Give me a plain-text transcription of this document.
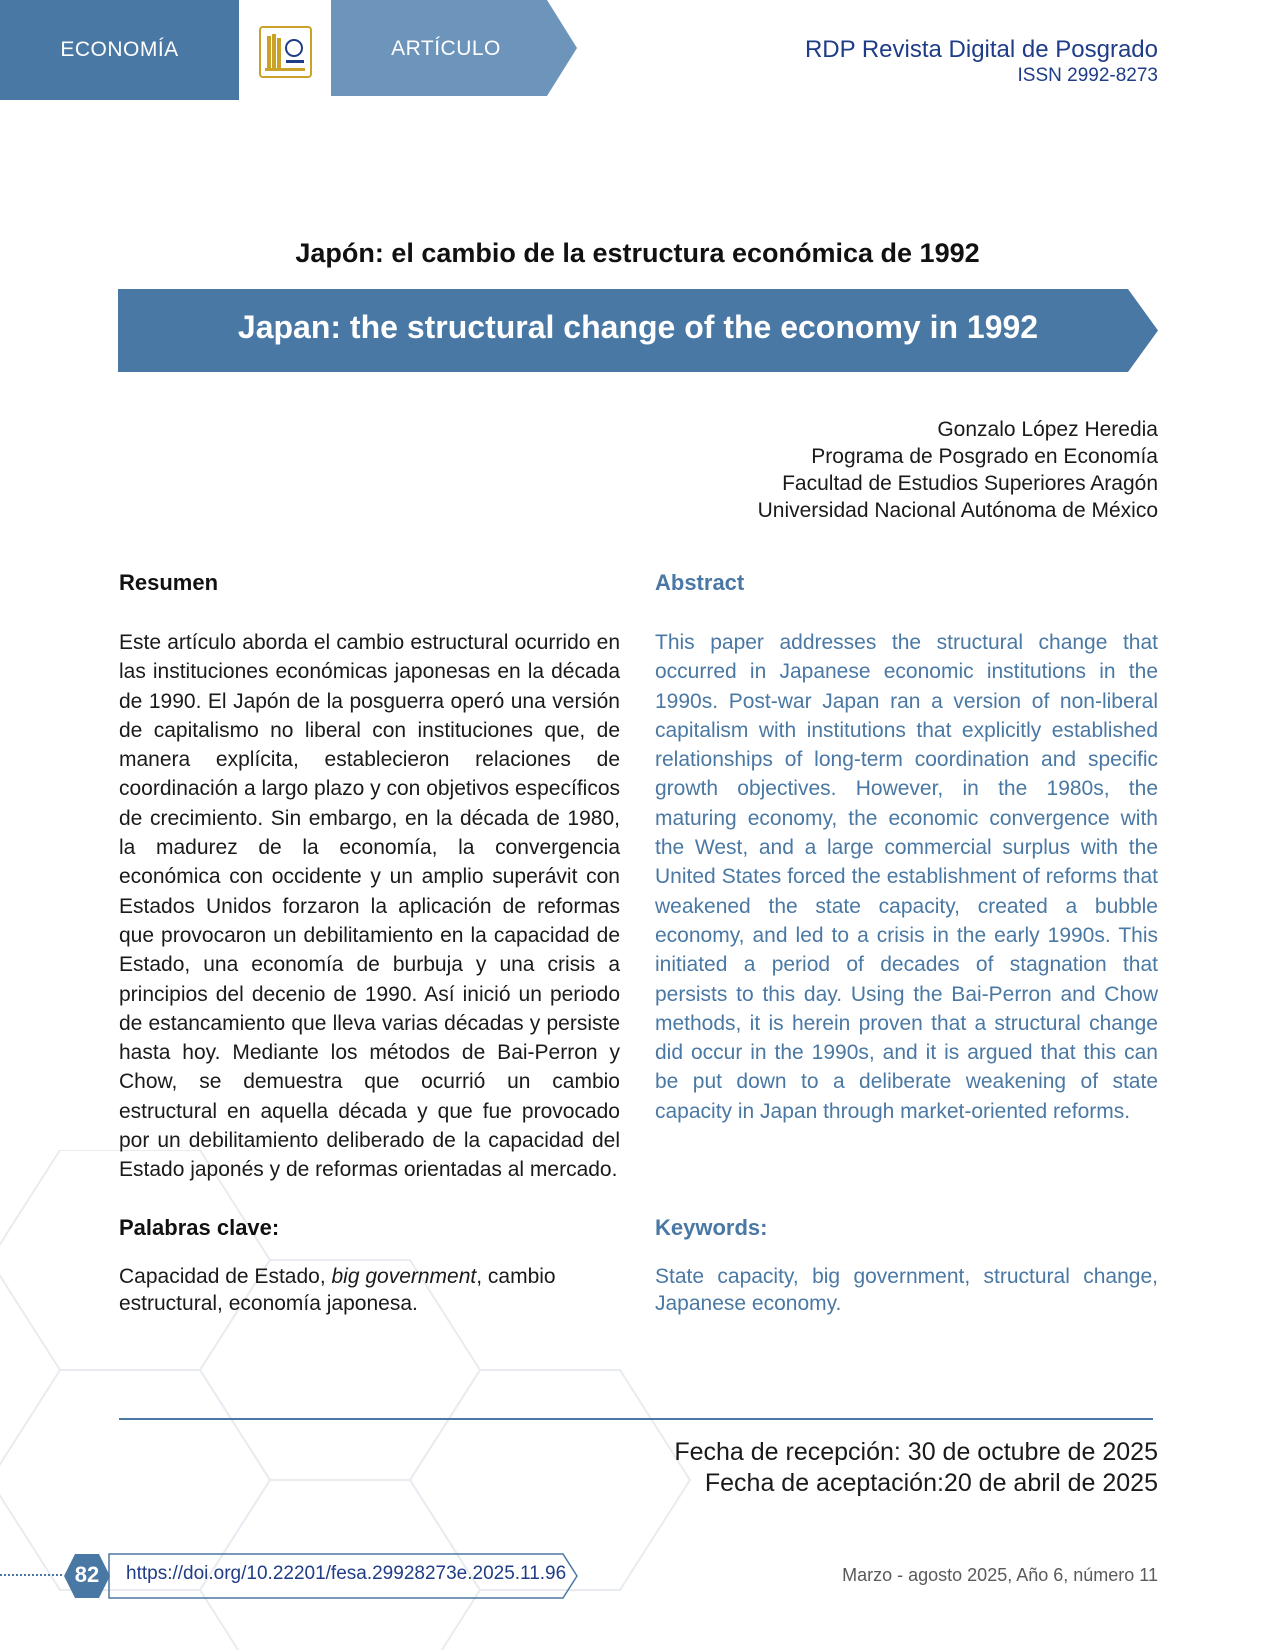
ECONOMÍA	ARTÍCULO	RDP Revista Digital de Posgrado
ISSN 2992-8273
Japón: el cambio de la estructura económica de 1992
Japan: the structural change of the economy in 1992
Gonzalo López Heredia
Programa de Posgrado en Economía
Facultad de Estudios Superiores Aragón
Universidad Nacional Autónoma de México
Resumen
Este artículo aborda el cambio estructural ocurrido en las instituciones económicas japonesas en la década de 1990. El Japón de la posguerra operó una versión de capitalismo no liberal con instituciones que, de manera explícita, establecieron relaciones de coordinación a largo plazo y con objetivos específicos de crecimiento. Sin embargo, en la década de 1980, la madurez de la economía, la convergencia económica con occidente y un amplio superávit con Estados Unidos forzaron la aplicación de reformas que provocaron un debilitamiento en la capacidad de Estado, una economía de burbuja y una crisis a principios del decenio de 1990. Así inició un periodo de estancamiento que lleva varias décadas y persiste hasta hoy. Mediante los métodos de Bai-Perron y Chow, se demuestra que ocurrió un cambio estructural en aquella década y que fue provocado por un debilitamiento deliberado de la capacidad del Estado japonés y de reformas orientadas al mercado.
Abstract
This paper addresses the structural change that occurred in Japanese economic institutions in the 1990s. Post-war Japan ran a version of non-liberal capitalism with institutions that explicitly established relationships of long-term coordination and specific growth objectives. However, in the 1980s, the maturing economy, the economic convergence with the West, and a large commercial surplus with the United States forced the establishment of reforms that weakened the state capacity, created a bubble economy, and led to a crisis in the early 1990s. This initiated a period of decades of stagnation that persists to this day. Using the Bai-Perron and Chow methods, it is herein proven that a structural change did occur in the 1990s, and it is argued that this can be put down to a deliberate weakening of state capacity in Japan through market-oriented reforms.
Palabras clave:
Capacidad de Estado, big government, cambio estructural, economía japonesa.
Keywords:
State capacity, big government, structural change, Japanese economy.
Fecha de recepción: 30 de octubre de 2025
Fecha de aceptación:20 de abril de 2025
82	https://doi.org/10.22201/fesa.29928273e.2025.11.96	Marzo - agosto 2025, Año 6, número 11
